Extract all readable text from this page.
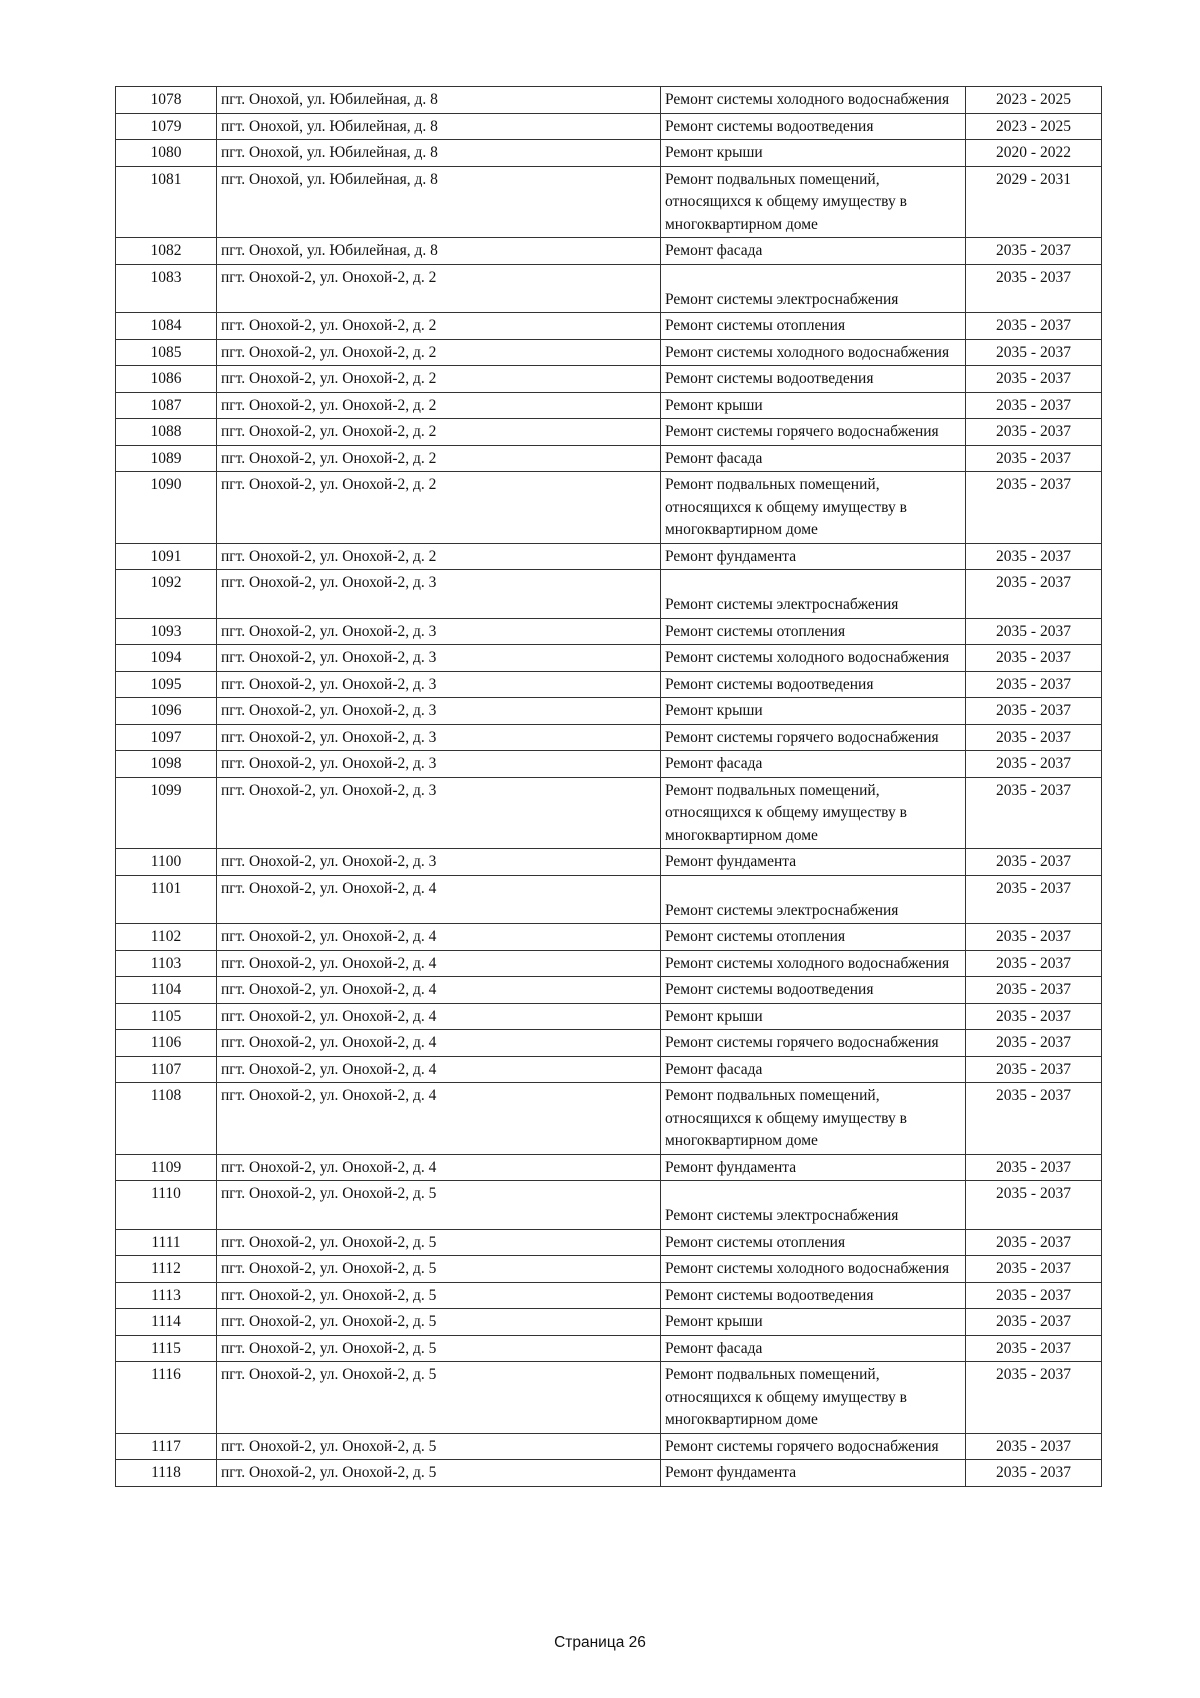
1078	пгт. Онохой, ул. Юбилейная, д. 8	Ремонт системы холодного водоснабжения	2023 - 2025
1079	пгт. Онохой, ул. Юбилейная, д. 8	Ремонт системы водоотведения	2023 - 2025
1080	пгт. Онохой, ул. Юбилейная, д. 8	Ремонт крыши	2020 - 2022
1081	пгт. Онохой, ул. Юбилейная, д. 8	Ремонт подвальных помещений, относящихся к общему имуществу в многоквартирном доме	2029 - 2031
1082	пгт. Онохой, ул. Юбилейная, д. 8	Ремонт фасада	2035 - 2037
1083	пгт. Онохой-2, ул. Онохой-2, д. 2	Ремонт системы электроснабжения	2035 - 2037
1084	пгт. Онохой-2, ул. Онохой-2, д. 2	Ремонт системы отопления	2035 - 2037
1085	пгт. Онохой-2, ул. Онохой-2, д. 2	Ремонт системы холодного водоснабжения	2035 - 2037
1086	пгт. Онохой-2, ул. Онохой-2, д. 2	Ремонт системы водоотведения	2035 - 2037
1087	пгт. Онохой-2, ул. Онохой-2, д. 2	Ремонт крыши	2035 - 2037
1088	пгт. Онохой-2, ул. Онохой-2, д. 2	Ремонт системы горячего водоснабжения	2035 - 2037
1089	пгт. Онохой-2, ул. Онохой-2, д. 2	Ремонт фасада	2035 - 2037
1090	пгт. Онохой-2, ул. Онохой-2, д. 2	Ремонт подвальных помещений, относящихся к общему имуществу в многоквартирном доме	2035 - 2037
1091	пгт. Онохой-2, ул. Онохой-2, д. 2	Ремонт фундамента	2035 - 2037
1092	пгт. Онохой-2, ул. Онохой-2, д. 3	Ремонт системы электроснабжения	2035 - 2037
1093	пгт. Онохой-2, ул. Онохой-2, д. 3	Ремонт системы отопления	2035 - 2037
1094	пгт. Онохой-2, ул. Онохой-2, д. 3	Ремонт системы холодного водоснабжения	2035 - 2037
1095	пгт. Онохой-2, ул. Онохой-2, д. 3	Ремонт системы водоотведения	2035 - 2037
1096	пгт. Онохой-2, ул. Онохой-2, д. 3	Ремонт крыши	2035 - 2037
1097	пгт. Онохой-2, ул. Онохой-2, д. 3	Ремонт системы горячего водоснабжения	2035 - 2037
1098	пгт. Онохой-2, ул. Онохой-2, д. 3	Ремонт фасада	2035 - 2037
1099	пгт. Онохой-2, ул. Онохой-2, д. 3	Ремонт подвальных помещений, относящихся к общему имуществу в многоквартирном доме	2035 - 2037
1100	пгт. Онохой-2, ул. Онохой-2, д. 3	Ремонт фундамента	2035 - 2037
1101	пгт. Онохой-2, ул. Онохой-2, д. 4	Ремонт системы электроснабжения	2035 - 2037
1102	пгт. Онохой-2, ул. Онохой-2, д. 4	Ремонт системы отопления	2035 - 2037
1103	пгт. Онохой-2, ул. Онохой-2, д. 4	Ремонт системы холодного водоснабжения	2035 - 2037
1104	пгт. Онохой-2, ул. Онохой-2, д. 4	Ремонт системы водоотведения	2035 - 2037
1105	пгт. Онохой-2, ул. Онохой-2, д. 4	Ремонт крыши	2035 - 2037
1106	пгт. Онохой-2, ул. Онохой-2, д. 4	Ремонт системы горячего водоснабжения	2035 - 2037
1107	пгт. Онохой-2, ул. Онохой-2, д. 4	Ремонт фасада	2035 - 2037
1108	пгт. Онохой-2, ул. Онохой-2, д. 4	Ремонт подвальных помещений, относящихся к общему имуществу в многоквартирном доме	2035 - 2037
1109	пгт. Онохой-2, ул. Онохой-2, д. 4	Ремонт фундамента	2035 - 2037
1110	пгт. Онохой-2, ул. Онохой-2, д. 5	Ремонт системы электроснабжения	2035 - 2037
1111	пгт. Онохой-2, ул. Онохой-2, д. 5	Ремонт системы отопления	2035 - 2037
1112	пгт. Онохой-2, ул. Онохой-2, д. 5	Ремонт системы холодного водоснабжения	2035 - 2037
1113	пгт. Онохой-2, ул. Онохой-2, д. 5	Ремонт системы водоотведения	2035 - 2037
1114	пгт. Онохой-2, ул. Онохой-2, д. 5	Ремонт крыши	2035 - 2037
1115	пгт. Онохой-2, ул. Онохой-2, д. 5	Ремонт фасада	2035 - 2037
1116	пгт. Онохой-2, ул. Онохой-2, д. 5	Ремонт подвальных помещений, относящихся к общему имуществу в многоквартирном доме	2035 - 2037
1117	пгт. Онохой-2, ул. Онохой-2, д. 5	Ремонт системы горячего водоснабжения	2035 - 2037
1118	пгт. Онохой-2, ул. Онохой-2, д. 5	Ремонт фундамента	2035 - 2037
Страница 26
